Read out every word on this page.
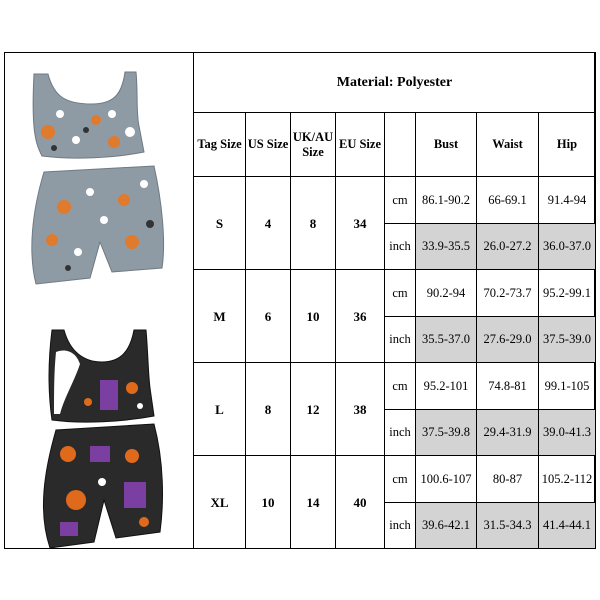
Material: Polyester							
Tag Size	US Size	UK/AU Size	EU Size		Bust	Waist	Hip
S	4	8	34	cm	86.1-90.2	66-69.1	91.4-94
				inch	33.9-35.5	26.0-27.2	36.0-37.0
M	6	10	36	cm	90.2-94	70.2-73.7	95.2-99.1
				inch	35.5-37.0	27.6-29.0	37.5-39.0
L	8	12	38	cm	95.2-101	74.8-81	99.1-105
				inch	37.5-39.8	29.4-31.9	39.0-41.3
XL	10	14	40	cm	100.6-107	80-87	105.2-112
				inch	39.6-42.1	31.5-34.3	41.4-44.1
